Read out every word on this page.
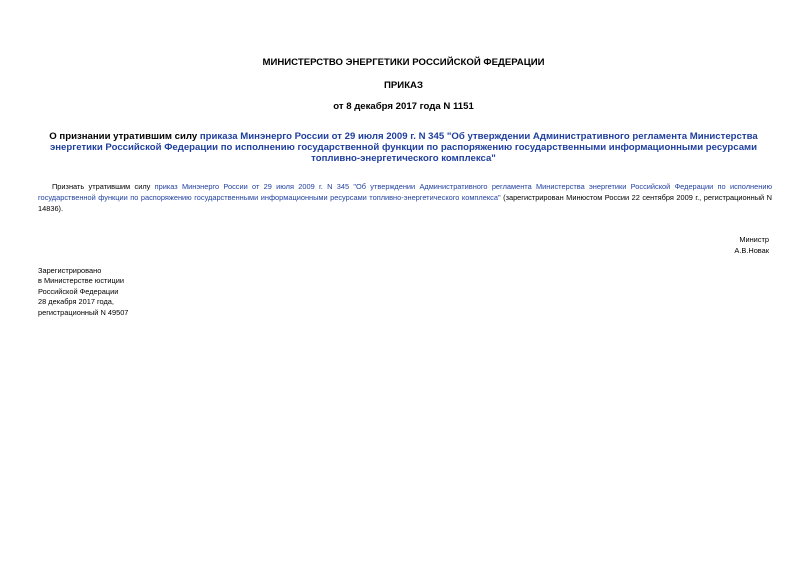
МИНИСТЕРСТВО ЭНЕРГЕТИКИ РОССИЙСКОЙ ФЕДЕРАЦИИ
ПРИКАЗ
от 8 декабря 2017 года N 1151
О признании утратившим силу приказа Минэнерго России от 29 июля 2009 г. N 345 "Об утверждении Административного регламента Министерства энергетики Российской Федерации по исполнению государственной функции по распоряжению государственными информационными ресурсами топливно-энергетического комплекса"
Признать утратившим силу приказ Минэнерго России от 29 июля 2009 г. N 345 "Об утверждении Административного регламента Министерства энергетики Российской Федерации по исполнению государственной функции по распоряжению государственными информационными ресурсами топливно-энергетического комплекса" (зарегистрирован Минюстом России 22 сентября 2009 г., регистрационный N 14836).
Министр
А.В.Новак
Зарегистрировано
в Министерстве юстиции
Российской Федерации
28 декабря 2017 года,
регистрационный N 49507
